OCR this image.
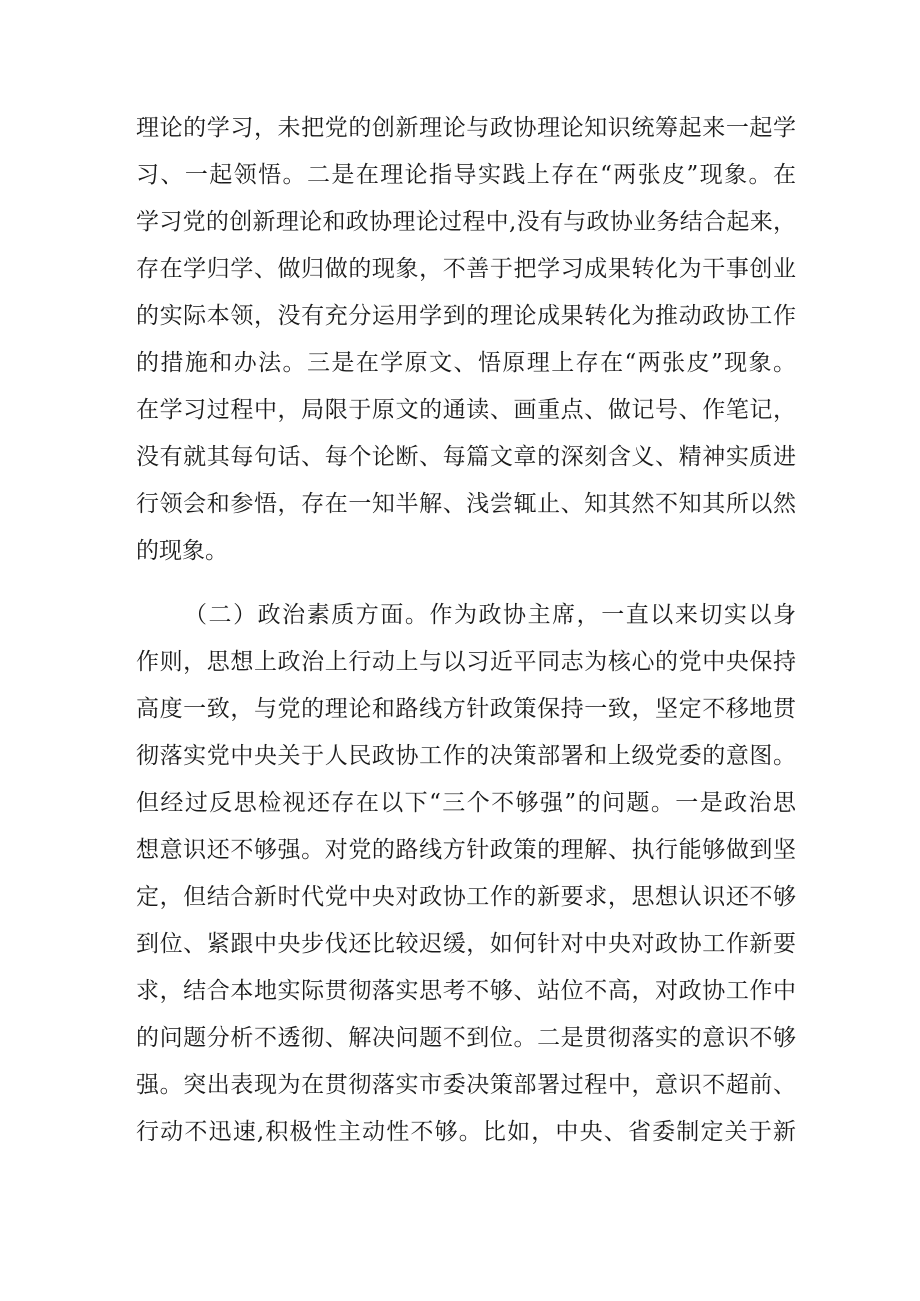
理论的学习，未把党的创新理论与政协理论知识统筹起来一起学
习、一起领悟。二是在理论指导实践上存在“两张皮”现象。在
学习党的创新理论和政协理论过程中,没有与政协业务结合起来，
存在学归学、做归做的现象，不善于把学习成果转化为干事创业
的实际本领，没有充分运用学到的理论成果转化为推动政协工作
的措施和办法。三是在学原文、悟原理上存在“两张皮”现象。
在学习过程中，局限于原文的通读、画重点、做记号、作笔记，
没有就其每句话、每个论断、每篇文章的深刻含义、精神实质进
行领会和参悟，存在一知半解、浅尝辄止、知其然不知其所以然
的现象。
（二）政治素质方面。作为政协主席，一直以来切实以身
作则，思想上政治上行动上与以习近平同志为核心的党中央保持
高度一致，与党的理论和路线方针政策保持一致，坚定不移地贯
彻落实党中央关于人民政协工作的决策部署和上级党委的意图。
但经过反思检视还存在以下“三个不够强”的问题。一是政治思
想意识还不够强。对党的路线方针政策的理解、执行能够做到坚
定，但结合新时代党中央对政协工作的新要求，思想认识还不够
到位、紧跟中央步伐还比较迟缓，如何针对中央对政协工作新要
求，结合本地实际贯彻落实思考不够、站位不高，对政协工作中
的问题分析不透彻、解决问题不到位。二是贯彻落实的意识不够
强。突出表现为在贯彻落实市委决策部署过程中，意识不超前、
行动不迅速,积极性主动性不够。比如，中央、省委制定关于新
